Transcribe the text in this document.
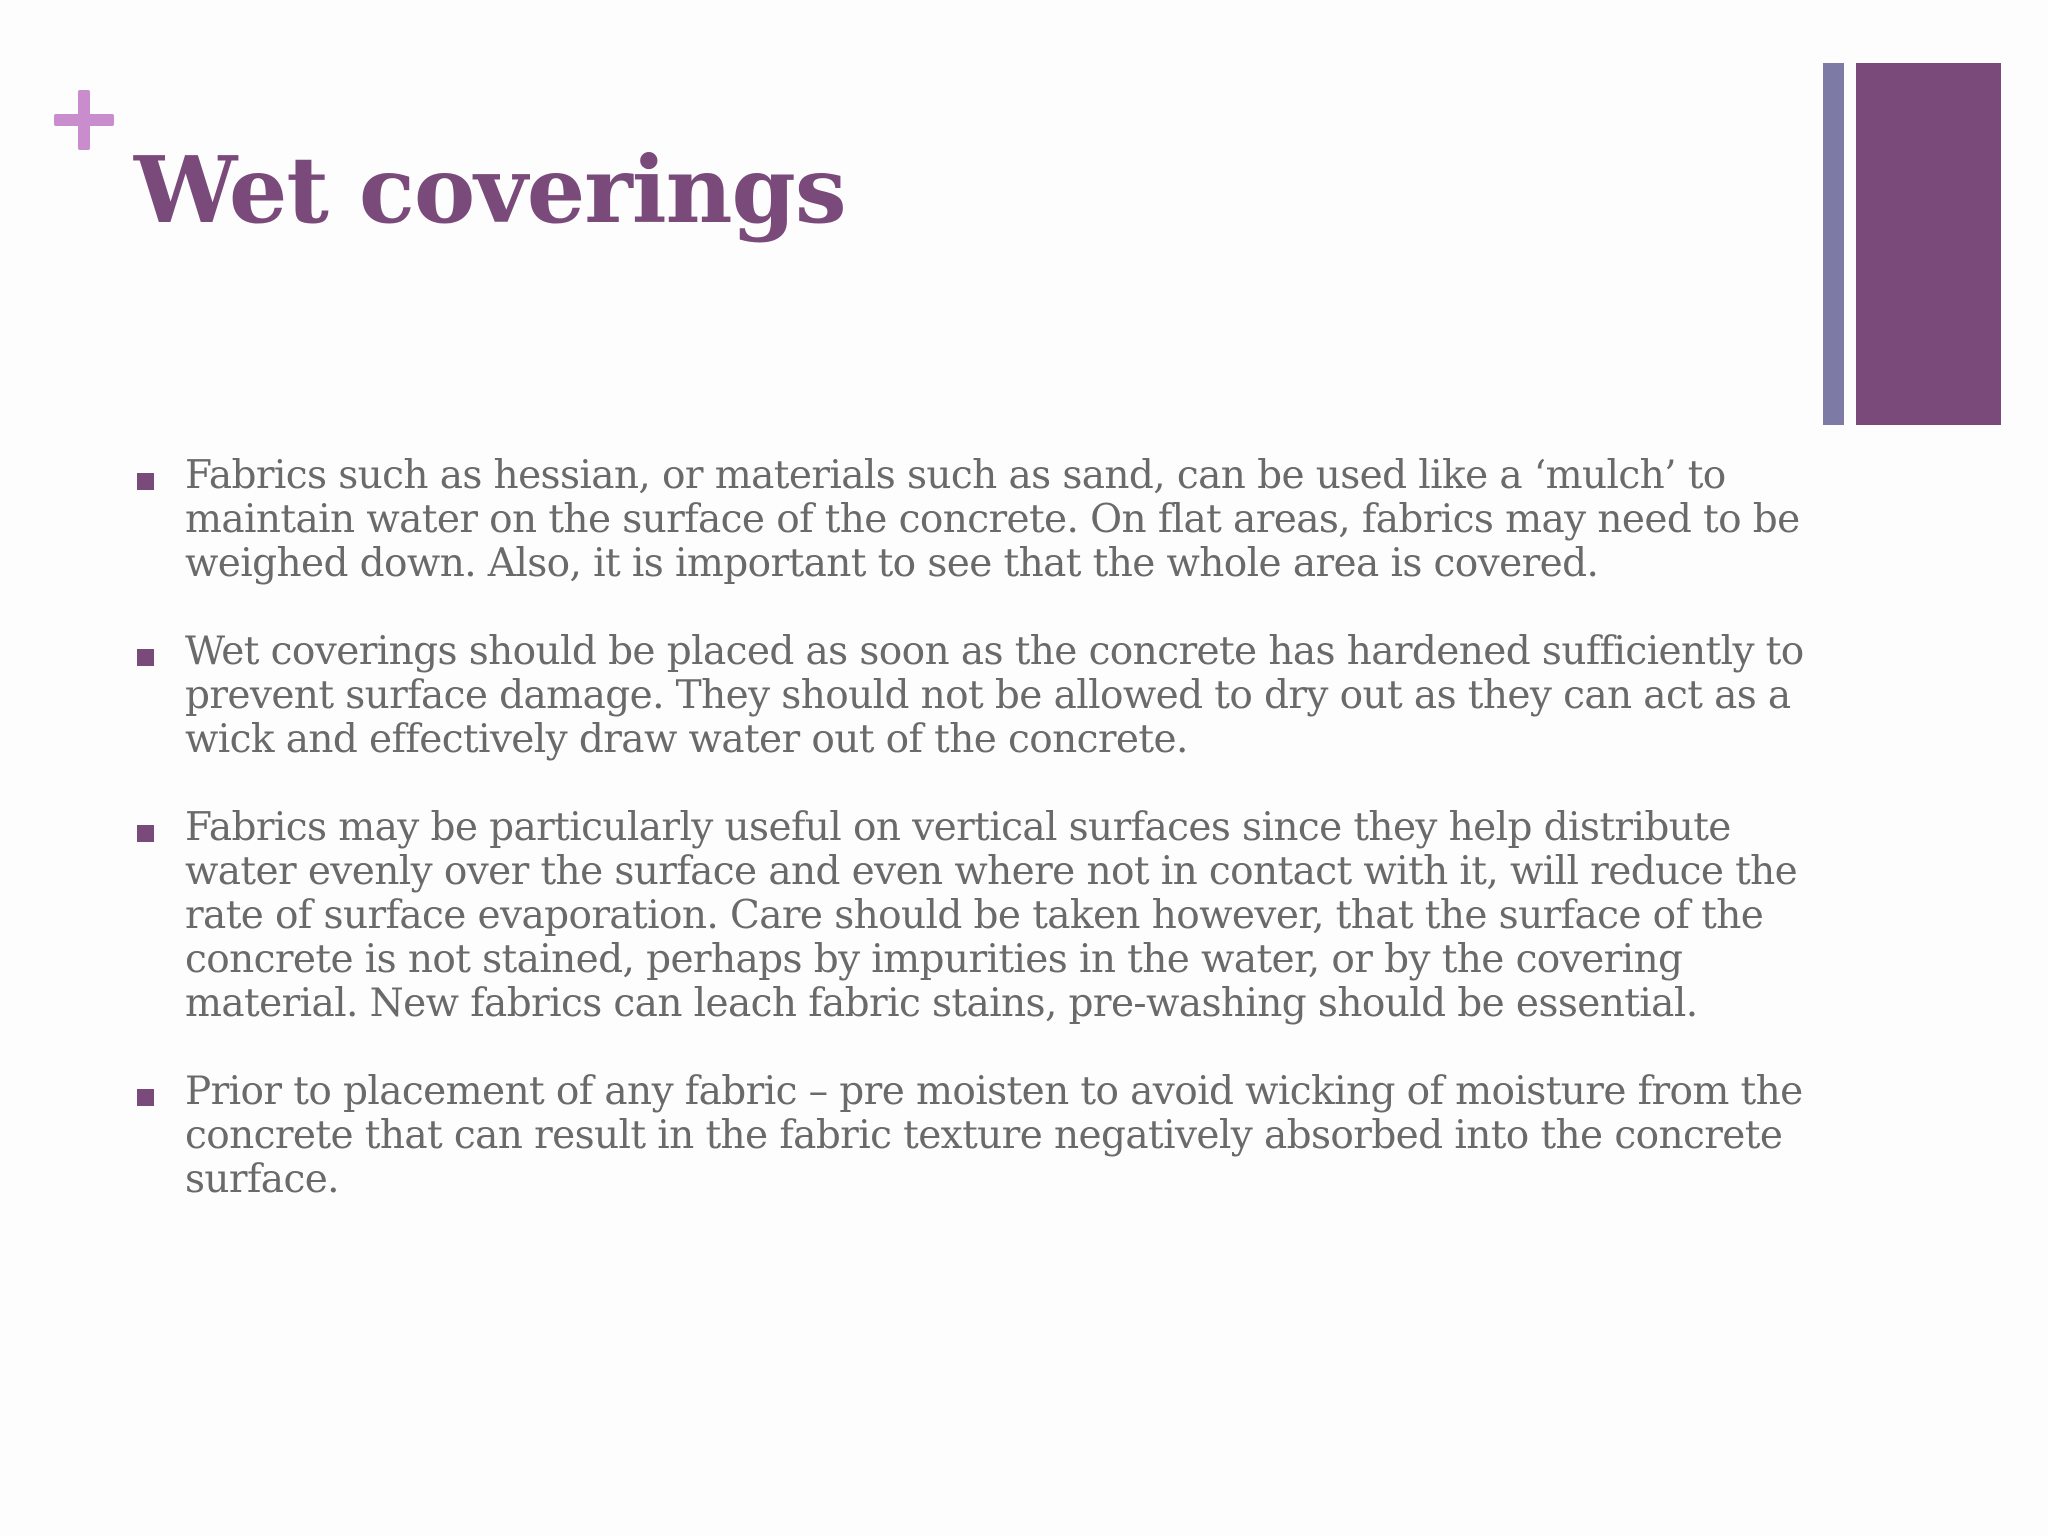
Wet coverings
Fabrics such as hessian, or materials such as sand, can be used like a ‘mulch’ to maintain water on the surface of the concrete. On flat areas, fabrics may need to be weighed down. Also, it is important to see that the whole area is covered.
Wet coverings should be placed as soon as the concrete has hardened sufficiently to prevent surface damage. They should not be allowed to dry out as they can act as a wick and effectively draw water out of the concrete.
Fabrics may be particularly useful on vertical surfaces since they help distribute water evenly over the surface and even where not in contact with it, will reduce the rate of surface evaporation. Care should be taken however, that the surface of the concrete is not stained, perhaps by impurities in the water, or by the covering material. New fabrics can leach fabric stains, pre-washing should be essential.
Prior to placement of any fabric – pre moisten to avoid wicking of moisture from the concrete that can result in the fabric texture negatively absorbed into the concrete surface.
